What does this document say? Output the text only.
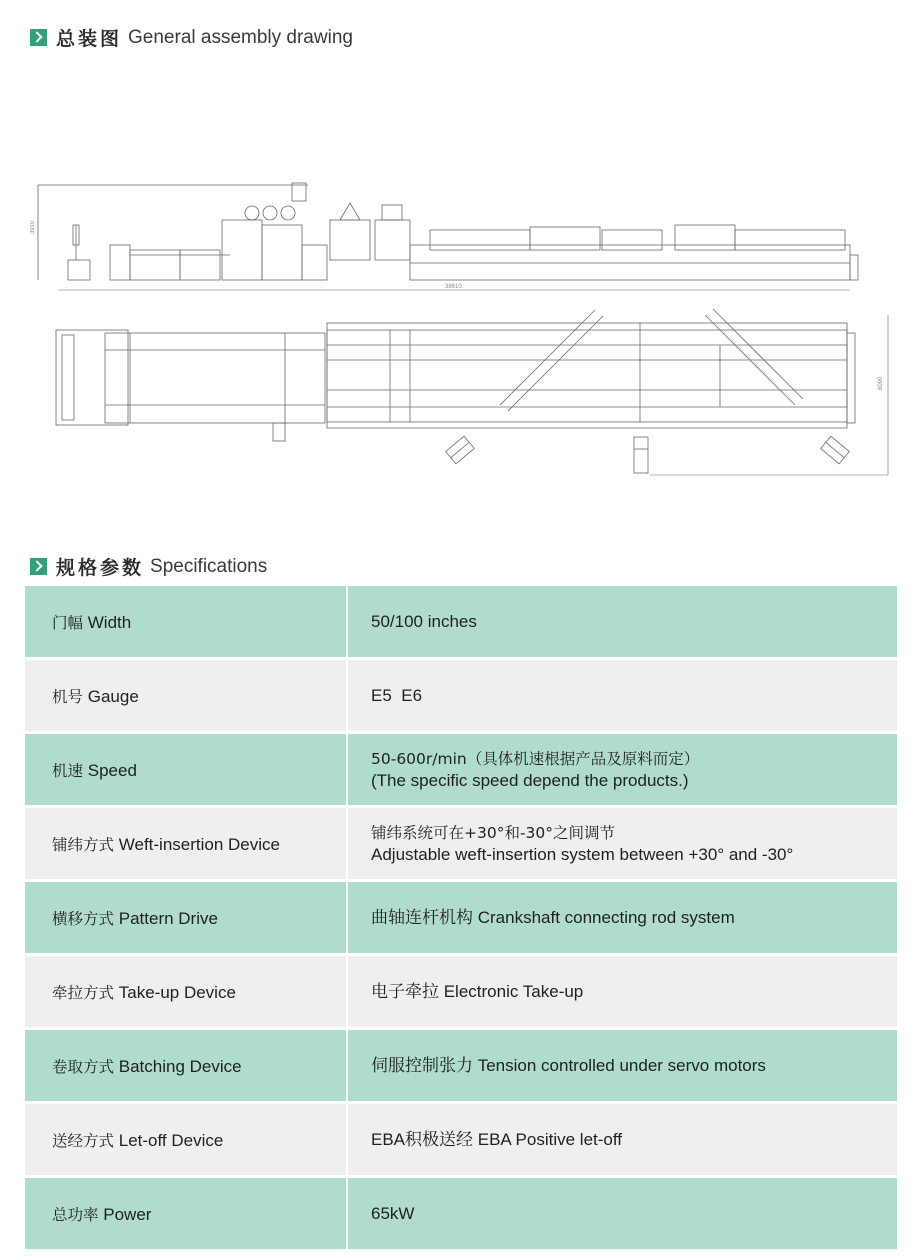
总装图 General assembly drawing
3910
38610
6090
规格参数 Specifications
门幅 Width	50/100 inches

机号 Gauge	E5  E6

机速 Speed	50-600r/min（具体机速根据产品及原料而定）
(The specific speed depend the products.)

铺纬方式 Weft-insertion Device	铺纬系统可在+30°和-30°之间调节
Adjustable weft-insertion system between +30° and -30°

横移方式 Pattern Drive	曲轴连杆机构 Crankshaft connecting rod system

牵拉方式 Take-up Device	电子牵拉 Electronic Take-up

卷取方式 Batching Device	伺服控制张力 Tension controlled under servo motors

送经方式 Let-off Device	EBA积极送经 EBA Positive let-off

总功率 Power	65kW
